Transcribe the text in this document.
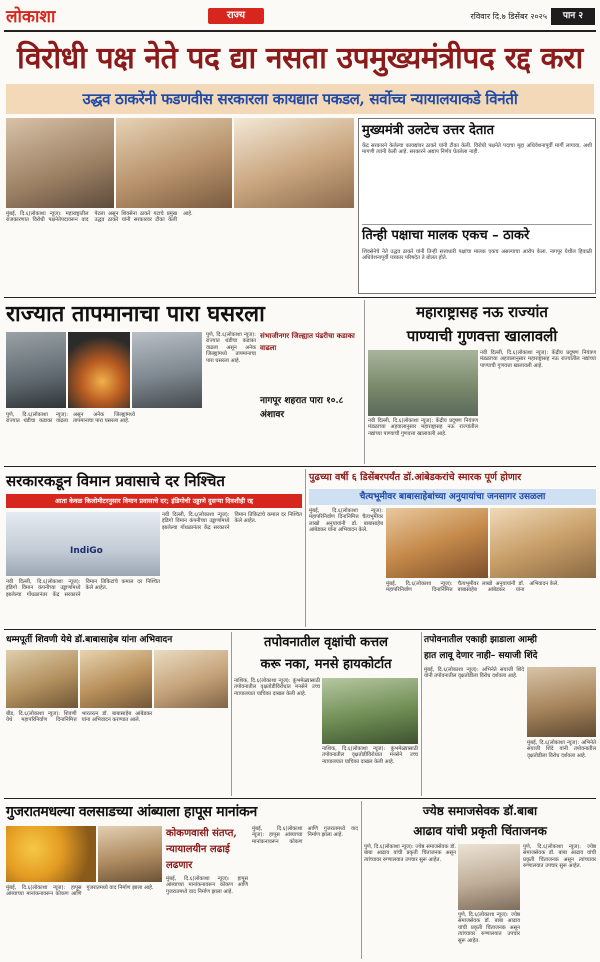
लोकाशा	राज्य	रविवार दि.७ डिसेंबर २०२५	पान २
विरोधी पक्ष नेते पद द्या नसता उपमुख्यमंत्रीपद रद्द करा
उद्धव ठाकरेंनी फडणवीस सरकारला कायद्यात पकडल, सर्वोच्च न्यायालयाकडे विनंती
मुंबई, दि.६(लोकाशा न्यूज): महाराष्ट्रातील राजकारणात विरोधी पक्षनेतेपदावरून वाद पेटला असून शिवसेना ठाकरे गटाचे प्रमुख उद्धव ठाकरे यांनी सरकारवर टीका केली आहे.
मुख्यमंत्री उलटेच उत्तर देतात
केंद्र सरकारने केलेल्या कायद्यांवर ठाकरे यांनी टीका केली. विरोधी पक्षनेते पदाचा मुद्दा अधिवेशनापूर्वी मार्गी लागावा, अशी मागणी त्यांनी केली आहे. सरकारने अद्याप निर्णय घेतलेला नाही.
तिन्ही पक्षाचा मालक एकच – ठाकरे
शिवसेनेचे नेते उद्धव ठाकरे यांनी तिन्ही सत्ताधारी पक्षांचा मालक एकच असल्याचा आरोप केला. नागपूर येथील हिवाळी अधिवेशनापूर्वी पत्रकार परिषदेत ते बोलत होते.
राज्यात तापमानाचा पारा घसरला
पुणे, दि.६(लोकाशा न्यूज): राज्यात थंडीचा कडाका वाढला असून अनेक जिल्ह्यांमध्ये तापमानाचा पारा घसरला आहे.
पुणे, दि.६(लोकाशा न्यूज): राज्यात थंडीचा कडाका वाढला असून अनेक जिल्ह्यांमध्ये तापमानाचा पारा घसरला आहे.
संभाजीनगर जिल्ह्यात पंढरीचा कडाका वाढला
नागपूर शहरात पारा १०.८ अंशावर
महाराष्ट्रासह नऊ राज्यांत
पाण्याची गुणवत्ता खालावली
नवी दिल्ली, दि.६(लोकाशा न्यूज): केंद्रीय प्रदूषण नियंत्रण मंडळाच्या अहवालानुसार महाराष्ट्रासह नऊ राज्यांतील नद्यांच्या पाण्याची गुणवत्ता खालावली आहे.
नवी दिल्ली, दि.६(लोकाशा न्यूज): केंद्रीय प्रदूषण नियंत्रण मंडळाच्या अहवालानुसार महाराष्ट्रासह नऊ राज्यांतील नद्यांच्या पाण्याची गुणवत्ता खालावली आहे.
सरकारकडून विमान प्रवासाचे दर निश्चित
आता केवळ किलोमीटरनुसार विमान प्रवासाचे दर; इंडिगोची उड्डाणे दुसऱ्या दिवशीही रद्द
IndiGo
नवी दिल्ली, दि.६(लोकाशा न्यूज): इंडिगो विमान कंपनीच्या उड्डाणांमध्ये झालेल्या गोंधळानंतर केंद्र सरकारने विमान तिकिटांचे कमाल दर निश्चित केले आहेत.
नवी दिल्ली, दि.६(लोकाशा न्यूज): इंडिगो विमान कंपनीच्या उड्डाणांमध्ये झालेल्या गोंधळानंतर केंद्र सरकारने विमान तिकिटांचे कमाल दर निश्चित केले आहेत.
पुढच्या वर्षी ६ डिसेंबरपर्यंत डॉ.आंबेडकरांचे स्मारक पूर्ण होणार
चैत्यभूमीवर बाबासाहेबांच्या अनुयायांचा जनसागर उसळला
मुंबई, दि.६(लोकाशा न्यूज): महापरिनिर्वाण दिनानिमित्त चैत्यभूमीवर लाखो अनुयायांनी डॉ. बाबासाहेब आंबेडकर यांना अभिवादन केले.
मुंबई, दि.६(लोकाशा न्यूज): महापरिनिर्वाण दिनानिमित्त चैत्यभूमीवर लाखो अनुयायांनी डॉ. बाबासाहेब आंबेडकर यांना अभिवादन केले.
धम्मपूर्ती शिवणी येथे डॉ.बाबासाहेब यांना अभिवादन
बीड, दि.६(लोकाशा न्यूज): शिवणी येथे महापरिनिर्वाण दिनानिमित्त भारतरत्न डॉ. बाबासाहेब आंबेडकर यांना अभिवादन करण्यात आले.
तपोवनातील वृक्षांची कत्तल
करू नका, मनसे हायकोर्टात
नाशिक, दि.६(लोकाशा न्यूज): कुंभमेळ्यासाठी तपोवनातील वृक्षतोडीविरोधात मनसेने उच्च न्यायालयात याचिका दाखल केली आहे.
नाशिक, दि.६(लोकाशा न्यूज): कुंभमेळ्यासाठी तपोवनातील वृक्षतोडीविरोधात मनसेने उच्च न्यायालयात याचिका दाखल केली आहे.
तपोवनातील एकाही झाडाला आम्ही
हात लावू देणार नाही– सयाजी शिंदे
मुंबई, दि.६(लोकाशा न्यूज): अभिनेते सयाजी शिंदे यांनी तपोवनातील वृक्षतोडीला विरोध दर्शवला आहे.
मुंबई, दि.६(लोकाशा न्यूज): अभिनेते सयाजी शिंदे यांनी तपोवनातील वृक्षतोडीला विरोध दर्शवला आहे.
गुजरातमधल्या वलसाडच्या आंब्याला हापूस मानांकन
मुंबई, दि.६(लोकाशा न्यूज): हापूस आंब्याच्या मानांकनावरून कोकण आणि गुजरातमध्ये वाद निर्माण झाला आहे.
कोकणवासी संतप्त, न्यायालयीन लढाई लढणार
मुंबई, दि.६(लोकाशा न्यूज): हापूस आंब्याच्या मानांकनावरून कोकण आणि गुजरातमध्ये वाद निर्माण झाला आहे.
मुंबई, दि.६(लोकाशा न्यूज): हापूस आंब्याच्या मानांकनावरून कोकण आणि गुजरातमध्ये वाद निर्माण झाला आहे.
ज्येष्ठ समाजसेवक डॉ.बाबा
आढाव यांची प्रकृती चिंताजनक
पुणे, दि.६(लोकाशा न्यूज): ज्येष्ठ समाजसेवक डॉ. बाबा आढाव यांची प्रकृती चिंताजनक असून त्यांच्यावर रुग्णालयात उपचार सुरू आहेत.
पुणे, दि.६(लोकाशा न्यूज): ज्येष्ठ समाजसेवक डॉ. बाबा आढाव यांची प्रकृती चिंताजनक असून त्यांच्यावर रुग्णालयात उपचार सुरू आहेत.
पुणे, दि.६(लोकाशा न्यूज): ज्येष्ठ समाजसेवक डॉ. बाबा आढाव यांची प्रकृती चिंताजनक असून त्यांच्यावर रुग्णालयात उपचार सुरू आहेत.
